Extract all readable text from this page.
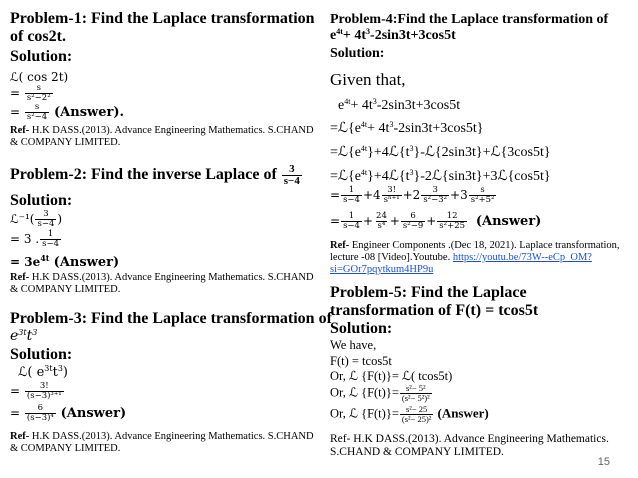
Problem-1: Find the Laplace transformation
of cos2t.
Solution:
ℒ( cos 2t)
= $\frac{s}{\text{s²−2²}}$
= $\frac{s}{\text{s²−4}}$ (Answer).
Ref- H.K DASS.(2013). Advance Engineering Mathematics. S.CHAND & COMPANY LIMITED.
Problem-2: Find the inverse Laplace of $\frac{3}{s-4}$
Solution:
ℒ⁻¹( $\frac{3}{s-4}$ )
= 3 . $\frac{1}{s-4}$
= $3e^{4t}$ (Answer)
Ref- H.K DASS.(2013). Advance Engineering Mathematics. S.CHAND & COMPANY LIMITED.
Problem-3: Find the Laplace transformation of
$e^{3t}t^3$
Solution:
ℒ( $e^{3t}t^3$)
= $\frac{3!}{\text{(s−3)³⁺¹}}$
= $\frac{6}{\text{(s−3)⁴}}$ (Answer)
Ref- H.K DASS.(2013). Advance Engineering Mathematics. S.CHAND & COMPANY LIMITED.
Problem-4:Find the Laplace transformation of
$e^{4t}+ 4t^3-2\sin 3t+3\cos 5t$
Solution:
Given that,
$e^{4t}+ 4t^3-2\sin 3t+3\cos 5t$
$=ℒ\{e^{4t}+ 4t^3-2\sin 3t+3\cos 5t\}$
$=ℒ\{e^{4t}\}+4ℒ\{t^3\}-ℒ\{2\sin 3t\}+ℒ\{3\cos 5t\}$
$=ℒ\{e^{4t}\}+4ℒ\{t^3\}-2ℒ\{\sin 3t\}+3ℒ\{\cos 5t\}$
= $\frac{1}{s-4} +4 \frac{3!}{\text{sⁿ⁺¹}} +2 \frac{3}{\text{s²−3²}} +3 \frac{s}{\text{s²+5²}}$
= $\frac{1}{s-4} + \frac{24}{\text{s⁴}} + \frac{6}{\text{s²−9}} + \frac{12}{\text{s²+25}}$ (Answer)
Ref- Engineer Components .(Dec 18, 2021). Laplace transformation, lecture -08 [Video].Youtube. https://youtu.be/73W--eCp_OM?si=GOr7pqytkum4HP9u
Problem-5: Find the Laplace transformation of F(t) = tcos5t
Solution:
We have,
F(t) = tcos5t
Or, ℒ {F(t)}= ℒ( tcos5t)
Or, ℒ $\{F(t)\}= \frac{\text{s²− 5²}}{\text{(s²− 5²)²}}$
Or, ℒ $\{F(t)\}= \frac{\text{s²− 25}}{\text{(s²− 25)²}}$ (Answer)
Ref- H.K DASS.(2013). Advance Engineering Mathematics. S.CHAND & COMPANY LIMITED.
15
